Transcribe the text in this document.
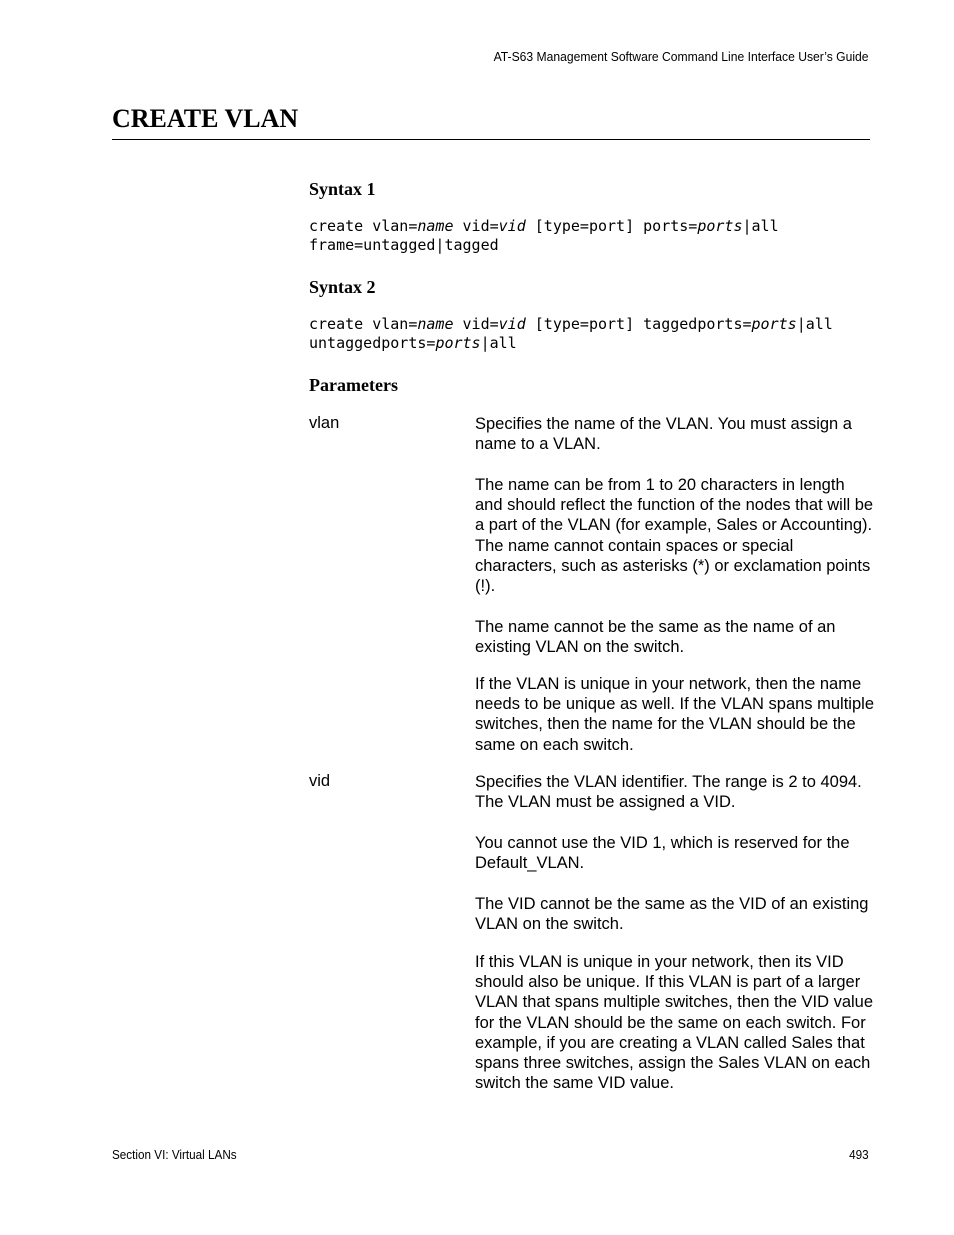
AT-S63 Management Software Command Line Interface User’s Guide
CREATE VLAN
Syntax 1
create vlan=name vid=vid [type=port] ports=ports|all
frame=untagged|tagged
Syntax 2
create vlan=name vid=vid [type=port] taggedports=ports|all
untaggedports=ports|all
Parameters
vlan	Specifies the name of the VLAN. You must assign a name to a VLAN.

The name can be from 1 to 20 characters in length and should reflect the function of the nodes that will be a part of the VLAN (for example, Sales or Accounting). The name cannot contain spaces or special characters, such as asterisks (*) or exclamation points (!).

The name cannot be the same as the name of an existing VLAN on the switch.

If the VLAN is unique in your network, then the name needs to be unique as well. If the VLAN spans multiple switches, then the name for the VLAN should be the same on each switch.

vid	Specifies the VLAN identifier. The range is 2 to 4094. The VLAN must be assigned a VID.

You cannot use the VID 1, which is reserved for the Default_VLAN.

The VID cannot be the same as the VID of an existing VLAN on the switch.

If this VLAN is unique in your network, then its VID should also be unique. If this VLAN is part of a larger VLAN that spans multiple switches, then the VID value for the VLAN should be the same on each switch. For example, if you are creating a VLAN called Sales that spans three switches, assign the Sales VLAN on each switch the same VID value.

Section VI: Virtual LANs	493
